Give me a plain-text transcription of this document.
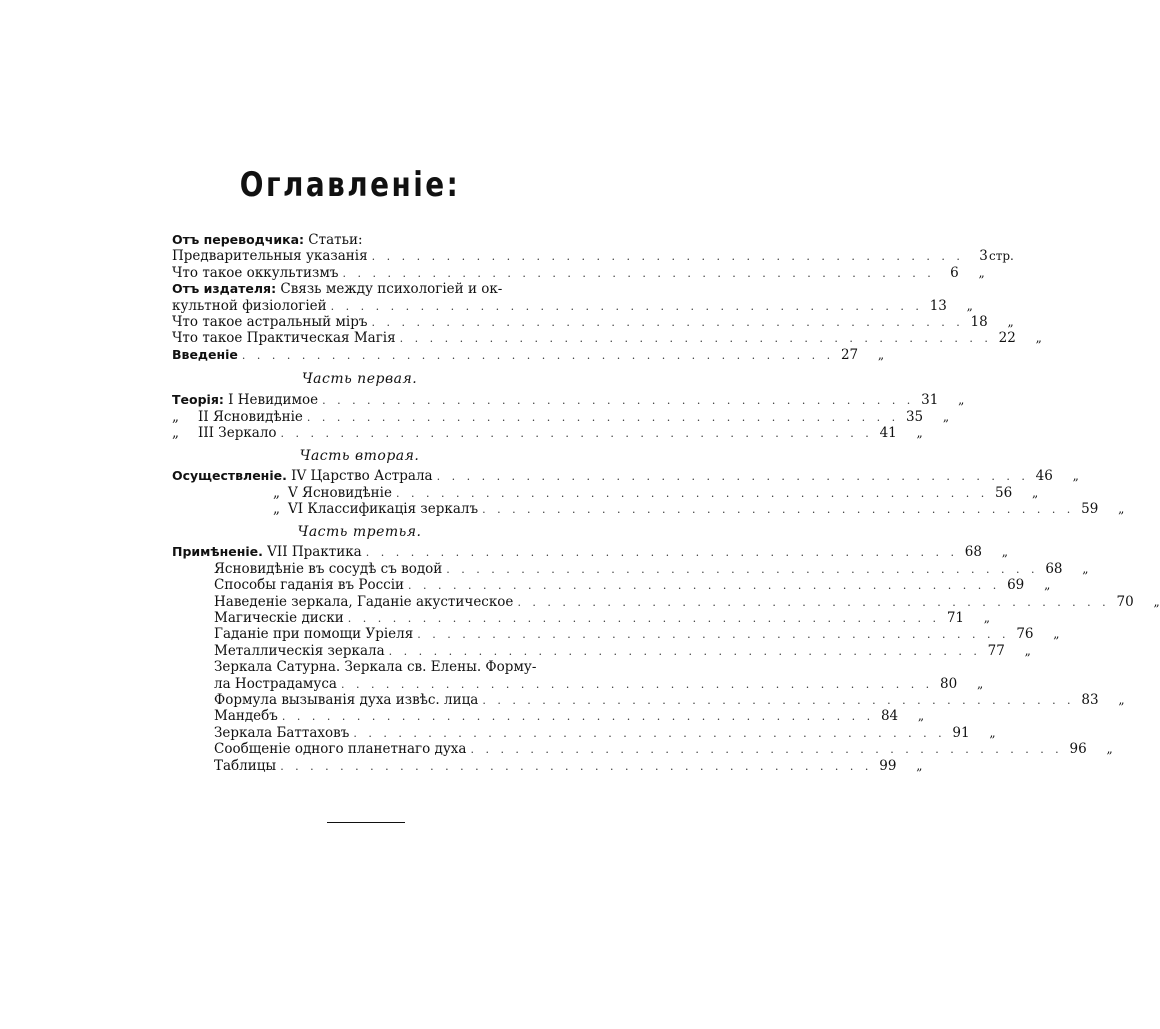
Оглавленіе:
Отъ переводчика: Статьи:
Предварительныя указанія . . . . . . . . . . . . . . . . . . . . . . . . . . . . . . . . . . . . . . . .	3 стр.
Что такое оккультизмъ . . . . . . . . . . . . . . . . . . . . . . . . . . . . . . . . . . . . . . . .	6	„
Отъ издателя: Связь между психологіей и ок-
культной физіологіей . . . . . . . . . . . . . . . . . . . . . . . . . . . . . . . . . . . . . . . . 13	„
Что такое астральный міръ . . . . . . . . . . . . . . . . . . . . . . . . . . . . . . . . . . . . . . . . 18	„
Что такое Практическая Магія . . . . . . . . . . . . . . . . . . . . . . . . . . . . . . . . . . . . . . . . 22	„
Введеніе . . . . . . . . . . . . . . . . . . . . . . . . . . . . . . . . . . . . . . . . 27	„
Часть первая.
Теорія: I Невидимое . . . . . . . . . . . . . . . . . . . . . . . . . . . . . . . . . . . . . . . . 31	„
„ II Ясновидѣніе . . . . . . . . . . . . . . . . . . . . . . . . . . . . . . . . . . . . . . . . 35	„
„ III Зеркало . . . . . . . . . . . . . . . . . . . . . . . . . . . . . . . . . . . . . . . . 41	„
Часть вторая.
Осуществленіе. IV Царство Астрала . . . . . . . . . . . . . . . . . . . . . . . . . . . . . . . . . . . . . . . . 46	„
„ V Ясновидѣніе . . . . . . . . . . . . . . . . . . . . . . . . . . . . . . . . . . . . . . . . 56	„
„ VI Классификація зеркалъ . . . . . . . . . . . . . . . . . . . . . . . . . . . . . . . . . . . . . . . . 59	„
Часть третья.
Примѣненіе. VII Практика . . . . . . . . . . . . . . . . . . . . . . . . . . . . . . . . . . . . . . . . 68	„
Ясновидѣніе въ сосудѣ съ водой . . . . . . . . . . . . . . . . . . . . . . . . . . . . . . . . . . . . . . . . 68	„
Способы гаданія въ Россіи . . . . . . . . . . . . . . . . . . . . . . . . . . . . . . . . . . . . . . . . 69	„
Наведеніе зеркала, Гаданіе акустическое . . . . . . . . . . . . . . . . . . . . . . . . . . . . . . . . . . . . . . . . 70	„
Магическіе диски . . . . . . . . . . . . . . . . . . . . . . . . . . . . . . . . . . . . . . . . 71	„
Гаданіе при помощи Уріеля . . . . . . . . . . . . . . . . . . . . . . . . . . . . . . . . . . . . . . . . 76	„
Металлическія зеркала . . . . . . . . . . . . . . . . . . . . . . . . . . . . . . . . . . . . . . . . 77	„
Зеркала Сатурна. Зеркала св. Елены. Форму-
ла Нострадамуса . . . . . . . . . . . . . . . . . . . . . . . . . . . . . . . . . . . . . . . . 80	„
Формула вызыванія духа извѣс. лица . . . . . . . . . . . . . . . . . . . . . . . . . . . . . . . . . . . . . . . . 83	„
Мандебъ . . . . . . . . . . . . . . . . . . . . . . . . . . . . . . . . . . . . . . . . 84	„
Зеркала Баттаховъ . . . . . . . . . . . . . . . . . . . . . . . . . . . . . . . . . . . . . . . . 91	„
Сообщеніе одного планетнаго духа . . . . . . . . . . . . . . . . . . . . . . . . . . . . . . . . . . . . . . . . 96	„
Таблицы . . . . . . . . . . . . . . . . . . . . . . . . . . . . . . . . . . . . . . . . 99	„
